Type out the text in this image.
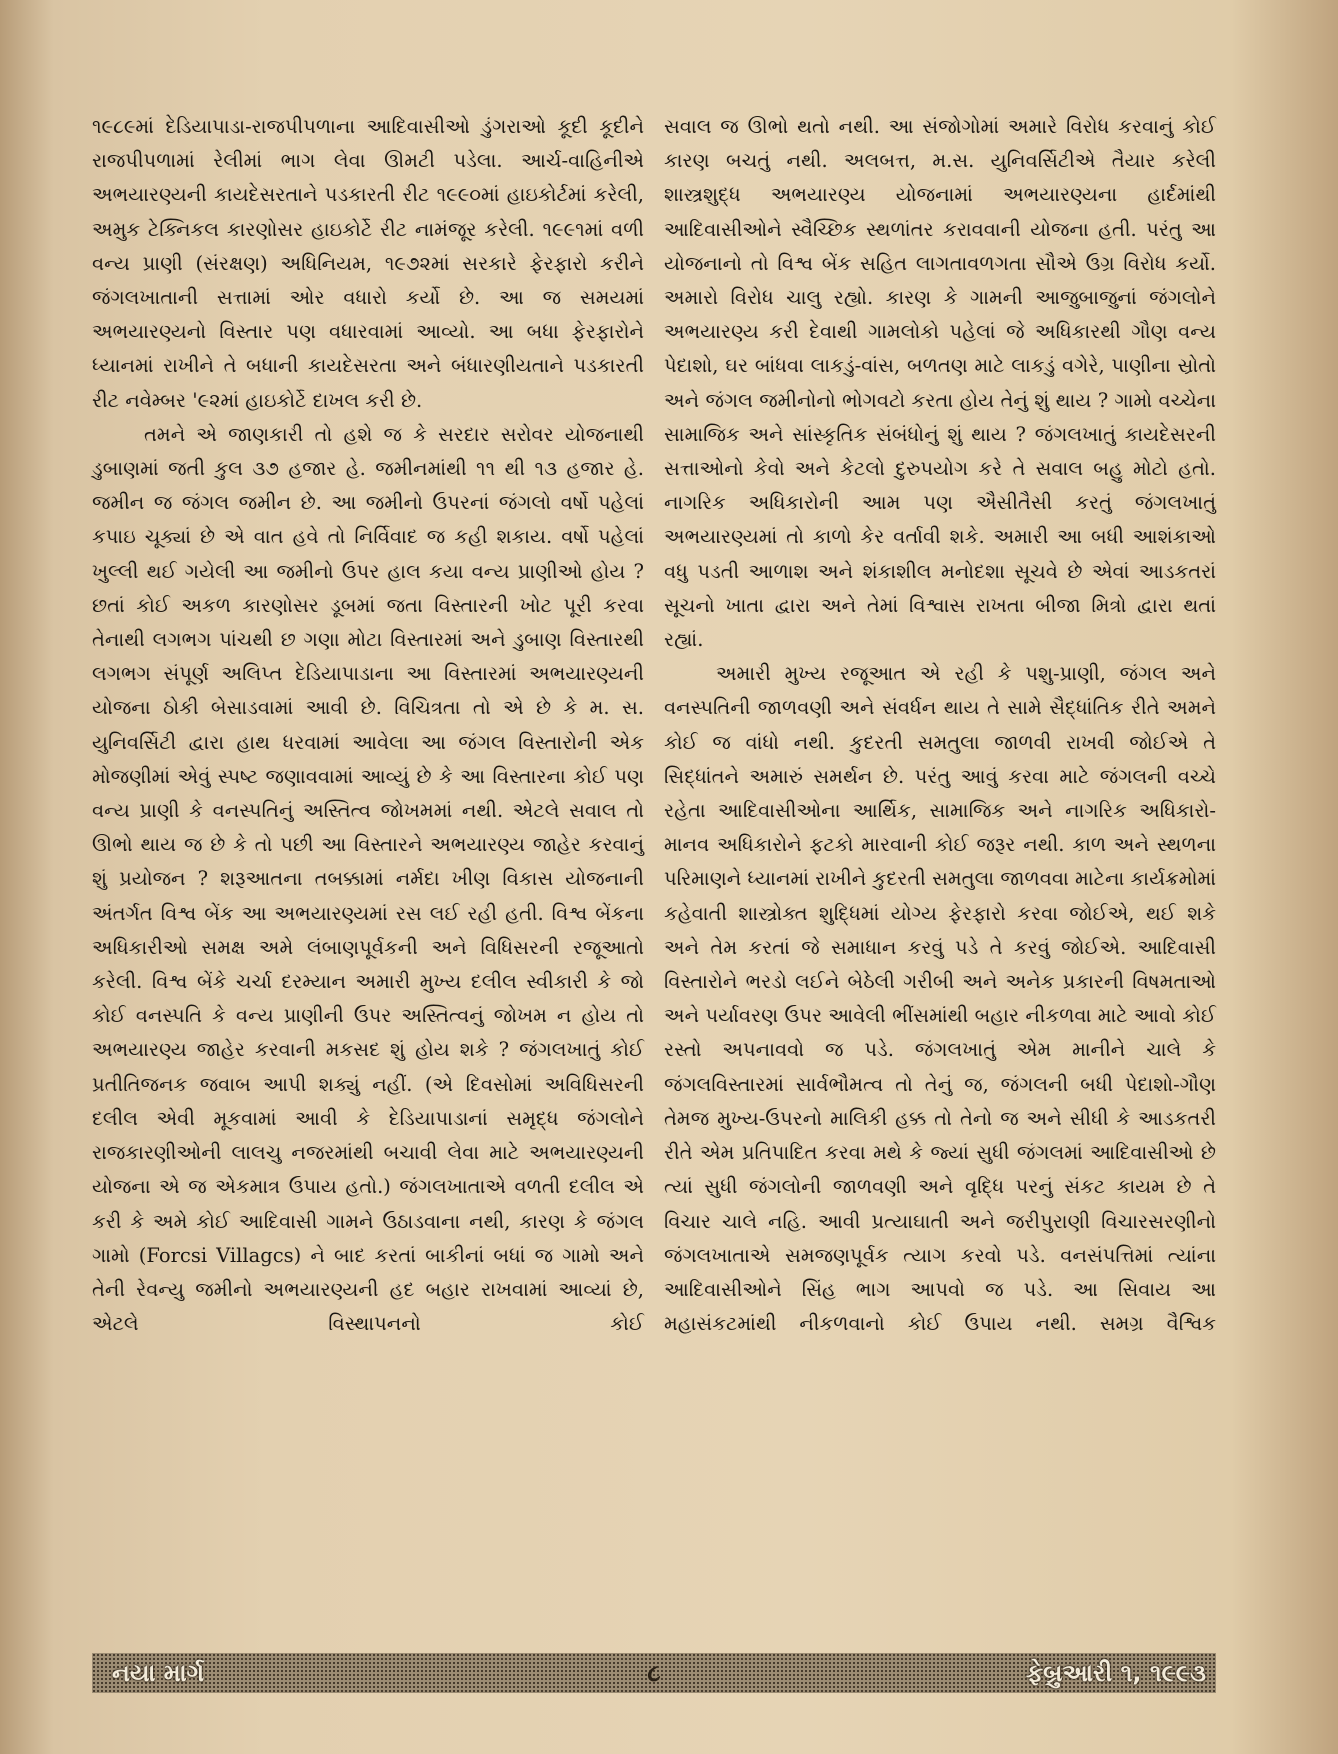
૧૯૮૯માં દેડિયાપાડા-રાજપીપળાના આદિવાસીઓ ડુંગરાઓ કૂદી કૂદીને રાજપીપળામાં રેલીમાં ભાગ લેવા ઊમટી પડેલા. આર્ચ-વાહિનીએ અભયારણ્યની કાયદેસરતાને પડકારતી રીટ ૧૯૯૦માં હાઇકોર્ટમાં કરેલી, અમુક ટેક્નિકલ કારણોસર હાઇકોર્ટે રીટ નામંજૂર કરેલી. ૧૯૯૧માં વળી વન્ય પ્રાણી (સંરક્ષણ) અધિનિયમ, ૧૯૭૨માં સરકારે ફેરફારો કરીને જંગલખાતાની સત્તામાં ઓર વધારો કર્યો છે. આ જ સમયમાં અભયારણ્યનો વિસ્તાર પણ વધારવામાં આવ્યો. આ બધા ફેરફારોને ધ્યાનમાં રાખીને તે બધાની કાયદેસરતા અને બંધારણીયતાને પડકારતી રીટ નવેમ્બર '૯૨માં હાઇકોર્ટે દાખલ કરી છે.

તમને એ જાણકારી તો હશે જ કે સરદાર સરોવર યોજનાથી ડુબાણમાં જતી કુલ ૩૭ હજાર હે. જમીનમાંથી ૧૧ થી ૧૩ હજાર હે. જમીન જ જંગલ જમીન છે. આ જમીનો ઉપરનાં જંગલો વર્ષો પહેલાં કપાઇ ચૂક્યાં છે એ વાત હવે તો નિર્વિવાદ જ કહી શકાય. વર્ષો પહેલાં ખુલ્લી થઈ ગયેલી આ જમીનો ઉપર હાલ કયા વન્ય પ્રાણીઓ હોય ? છતાં કોઈ અકળ કારણોસર ડૂબમાં જતા વિસ્તારની ખોટ પૂરી કરવા તેનાથી લગભગ પાંચથી છ ગણા મોટા વિસ્તારમાં અને ડુબાણ વિસ્તારથી લગભગ સંપૂર્ણ અલિપ્ત દેડિયાપાડાના આ વિસ્તારમાં અભયારણ્યની યોજના ઠોકી બેસાડવામાં આવી છે. વિચિત્રતા તો એ છે કે મ. સ. યુનિવર્સિટી દ્વારા હાથ ધરવામાં આવેલા આ જંગલ વિસ્તારોની એક મોજણીમાં એવું સ્પષ્ટ જણાવવામાં આવ્યું છે કે આ વિસ્તારના કોઈ પણ વન્ય પ્રાણી કે વનસ્પતિનું અસ્તિત્વ જોખમમાં નથી. એટલે સવાલ તો ઊભો થાય જ છે કે તો પછી આ વિસ્તારને અભયારણ્ય જાહેર કરવાનું શું પ્રયોજન ? શરૂઆતના તબક્કામાં નર્મદા ખીણ વિકાસ યોજનાની અંતર્ગત વિશ્વ બેંક આ અભયારણ્યમાં રસ લઈ રહી હતી. વિશ્વ બેંકના અધિકારીઓ સમક્ષ અમે લંબાણપૂર્વકની અને વિધિસરની રજૂઆતો કરેલી. વિશ્વ બેંકે ચર્ચા દરમ્યાન અમારી મુખ્ય દલીલ સ્વીકારી કે જો કોઈ વનસ્પતિ કે વન્ય પ્રાણીની ઉપર અસ્તિત્વનું જોખમ ન હોય તો અભયારણ્ય જાહેર કરવાની મકસદ શું હોય શકે ? જંગલખાતું કોઈ પ્રતીતિજનક જવાબ આપી શક્યું નહીં. (એ દિવસોમાં અવિધિસરની દલીલ એવી મૂકવામાં આવી કે દેડિયાપાડાનાં સમૃદ્ધ જંગલોને રાજકારણીઓની લાલચુ નજરમાંથી બચાવી લેવા માટે અભયારણ્યની યોજના એ જ એકમાત્ર ઉપાય હતો.) જંગલખાતાએ વળતી દલીલ એ કરી કે અમે કોઈ આદિવાસી ગામને ઉઠાડવાના નથી, કારણ કે જંગલ ગામો (Forcsi Villagcs) ને બાદ કરતાં બાકીનાં બધાં જ ગામો અને તેની રેવન્યુ જમીનો અભયારણ્યની હદ બહાર રાખવામાં આવ્યાં છે, એટલે વિસ્થાપનનો કોઈ

સવાલ જ ઊભો થતો નથી. આ સંજોગોમાં અમારે વિરોધ કરવાનું કોઈ કારણ બચતું નથી. અલબત્ત, મ.સ. યુનિવર્સિટીએ તૈયાર કરેલી શાસ્ત્રશુદ્ધ અભયારણ્ય યોજનામાં અભયારણ્યના હાર્દમાંથી આદિવાસીઓને સ્વૈચ્છિક સ્થળાંતર કરાવવાની યોજના હતી. પરંતુ આ યોજનાનો તો વિશ્વ બેંક સહિત લાગતાવળગતા સૌએ ઉગ્ર વિરોધ કર્યો. અમારો વિરોધ ચાલુ રહ્યો. કારણ કે ગામની આજુબાજુનાં જંગલોને અભયારણ્ય કરી દેવાથી ગામલોકો પહેલાં જે અધિકારથી ગૌણ વન્ય પેદાશો, ઘર બાંધવા લાકડું-વાંસ, બળતણ માટે લાકડું વગેરે, પાણીના સ્રોતો અને જંગલ જમીનોનો ભોગવટો કરતા હોય તેનું શું થાય ? ગામો વચ્ચેના સામાજિક અને સાંસ્કૃતિક સંબંધોનું શું થાય ? જંગલખાતું કાયદેસરની સત્તાઓનો કેવો અને કેટલો દુરુપયોગ કરે તે સવાલ બહુ મોટો હતો. નાગરિક અધિકારોની આમ પણ ઐસીતૈસી કરતું જંગલખાતું અભયારણ્યમાં તો કાળો કેર વર્તાવી શકે. અમારી આ બધી આશંકાઓ વધુ પડતી આળાશ અને શંકાશીલ મનોદશા સૂચવે છે એવાં આડકતરાં સૂચનો ખાતા દ્વારા અને તેમાં વિશ્વાસ રાખતા બીજા મિત્રો દ્વારા થતાં રહ્યાં.

અમારી મુખ્ય રજૂઆત એ રહી કે પશુ-પ્રાણી, જંગલ અને વનસ્પતિની જાળવણી અને સંવર્ધન થાય તે સામે સૈદ્ધાંતિક રીતે અમને કોઈ જ વાંધો નથી. કુદરતી સમતુલા જાળવી રાખવી જોઈએ તે સિદ્ધાંતને અમારું સમર્થન છે. પરંતુ આવું કરવા માટે જંગલની વચ્ચે રહેતા આદિવાસીઓના આર્થિક, સામાજિક અને નાગરિક અધિકારો-માનવ અધિકારોને ફટકો મારવાની કોઈ જરૂર નથી. કાળ અને સ્થળના પરિમાણને ધ્યાનમાં રાખીને કુદરતી સમતુલા જાળવવા માટેના કાર્યક્રમોમાં કહેવાતી શાસ્ત્રોક્ત શુદ્ધિમાં યોગ્ય ફેરફારો કરવા જોઈએ, થઈ શકે અને તેમ કરતાં જે સમાધાન કરવું પડે તે કરવું જોઈએ. આદિવાસી વિસ્તારોને ભરડો લઈને બેઠેલી ગરીબી અને અનેક પ્રકારની વિષમતાઓ અને પર્યાવરણ ઉપર આવેલી ભીંસમાંથી બહાર નીકળવા માટે આવો કોઈ રસ્તો અપનાવવો જ પડે. જંગલખાતું એમ માનીને ચાલે કે જંગલવિસ્તારમાં સાર્વભૌમત્વ તો તેનું જ, જંગલની બધી પેદાશો-ગૌણ તેમજ મુખ્ય-ઉપરનો માલિકી હક્ક તો તેનો જ અને સીધી કે આડકતરી રીતે એમ પ્રતિપાદિત કરવા મથે કે જ્યાં સુધી જંગલમાં આદિવાસીઓ છે ત્યાં સુધી જંગલોની જાળવણી અને વૃદ્ધિ પરનું સંકટ કાયમ છે તે વિચાર ચાલે નહિ. આવી પ્રત્યાઘાતી અને જરીપુરાણી વિચારસરણીનો જંગલખાતાએ સમજણપૂર્વક ત્યાગ કરવો પડે. વનસંપત્તિમાં ત્યાંના આદિવાસીઓને સિંહ ભાગ આપવો જ પડે. આ સિવાય આ મહાસંકટમાંથી નીકળવાનો કોઈ ઉપાય નથી. સમગ્ર વૈશ્વિક

નયા માર્ગ	૮	ફેબ્રુઆરી ૧, ૧૯૯૩
